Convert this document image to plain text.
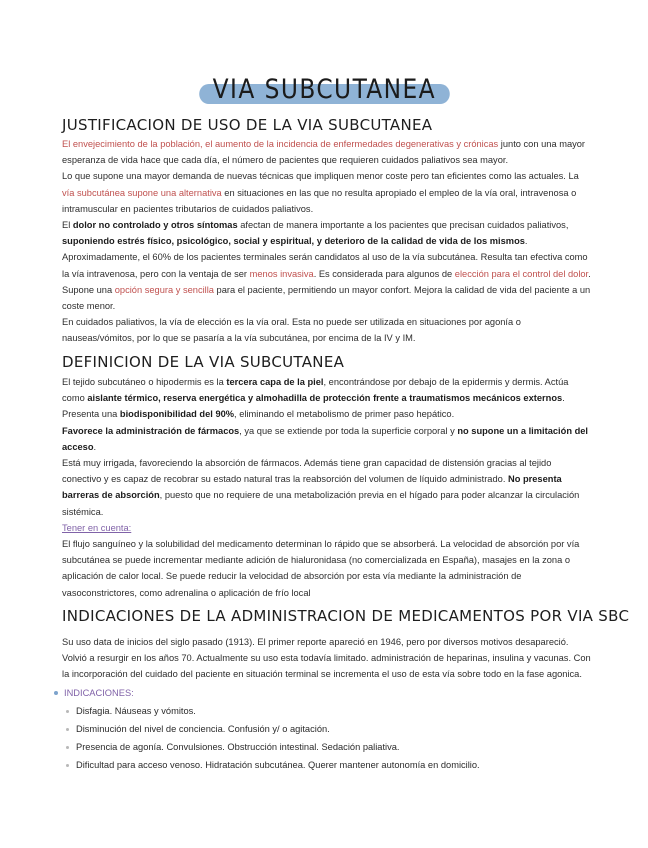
VIA SUBCUTANEA
JUSTIFICACION DE USO DE LA VIA SUBCUTANEA

El envejecimiento de la población, el aumento de la incidencia de enfermedades degenerativas y crónicas junto con una mayor esperanza de vida hace que cada día, el número de pacientes que requieren cuidados paliativos sea mayor.

Lo que supone una mayor demanda de nuevas técnicas que impliquen menor coste pero tan eficientes como las actuales. La vía subcutánea supone una alternativa en situaciones en las que no resulta apropiado el empleo de la vía oral, intravenosa o intramuscular en pacientes tributarios de cuidados paliativos.

El dolor no controlado y otros síntomas afectan de manera importante a los pacientes que precisan cuidados paliativos, suponiendo estrés físico, psicológico, social y espiritual, y deterioro de la calidad de vida de los mismos.

Aproximadamente, el 60% de los pacientes terminales serán candidatos al uso de la vía subcutánea. Resulta tan efectiva como la vía intravenosa, pero con la ventaja de ser menos invasiva. Es considerada para algunos de elección para el control del dolor. Supone una opción segura y sencilla para el paciente, permitiendo un mayor confort. Mejora la calidad de vida del paciente a un coste menor.

En cuidados paliativos, la vía de elección es la vía oral. Esta no puede ser utilizada en situaciones por agonía o nauseas/vómitos, por lo que se pasaría a la vía subcutánea, por encima de la IV y IM.

DEFINICION DE LA VIA SUBCUTANEA

El tejido subcutáneo o hipodermis es la tercera capa de la piel, encontrándose por debajo de la epidermis y dermis. Actúa como aislante térmico, reserva energética y almohadilla de protección frente a traumatismos mecánicos externos.

Presenta una biodisponibilidad del 90%, eliminando el metabolismo de primer paso hepático.

Favorece la administración de fármacos, ya que se extiende por toda la superficie corporal y no supone un a limitación del acceso.

Está muy irrigada, favoreciendo la absorción de fármacos. Además tiene gran capacidad de distensión gracias al tejido conectivo y es capaz de recobrar su estado natural tras la reabsorción del volumen de líquido administrado. No presenta barreras de absorción, puesto que no requiere de una metabolización previa en el hígado para poder alcanzar la circulación sistémica.

Tener en cuenta:

El flujo sanguíneo y la solubilidad del medicamento determinan lo rápido que se absorberá. La velocidad de absorción por vía subcutánea se puede incrementar mediante adición de hialuronidasa (no comercializada en España), masajes en la zona o aplicación de calor local. Se puede reducir la velocidad de absorción por esta vía mediante la administración de vasoconstrictores, como adrenalina o aplicación de frío local

INDICACIONES DE LA ADMINISTRACION DE MEDICAMENTOS POR VIA SBC

Su uso data de inicios del siglo pasado (1913). El primer reporte apareció en 1946, pero por diversos motivos desapareció. Volvió a resurgir en los años 70. Actualmente su uso esta todavía limitado. administración de heparinas, insulina y vacunas. Con la incorporación del cuidado del paciente en situación terminal se incrementa el uso de esta vía sobre todo en la fase agonica.

INDICACIONES:
Disfagia. Náuseas y vómitos.
Disminución del nivel de conciencia. Confusión y/ o agitación.
Presencia de agonía. Convulsiones. Obstrucción intestinal. Sedación paliativa.
Dificultad para acceso venoso. Hidratación subcutánea. Querer mantener autonomía en domicilio.
